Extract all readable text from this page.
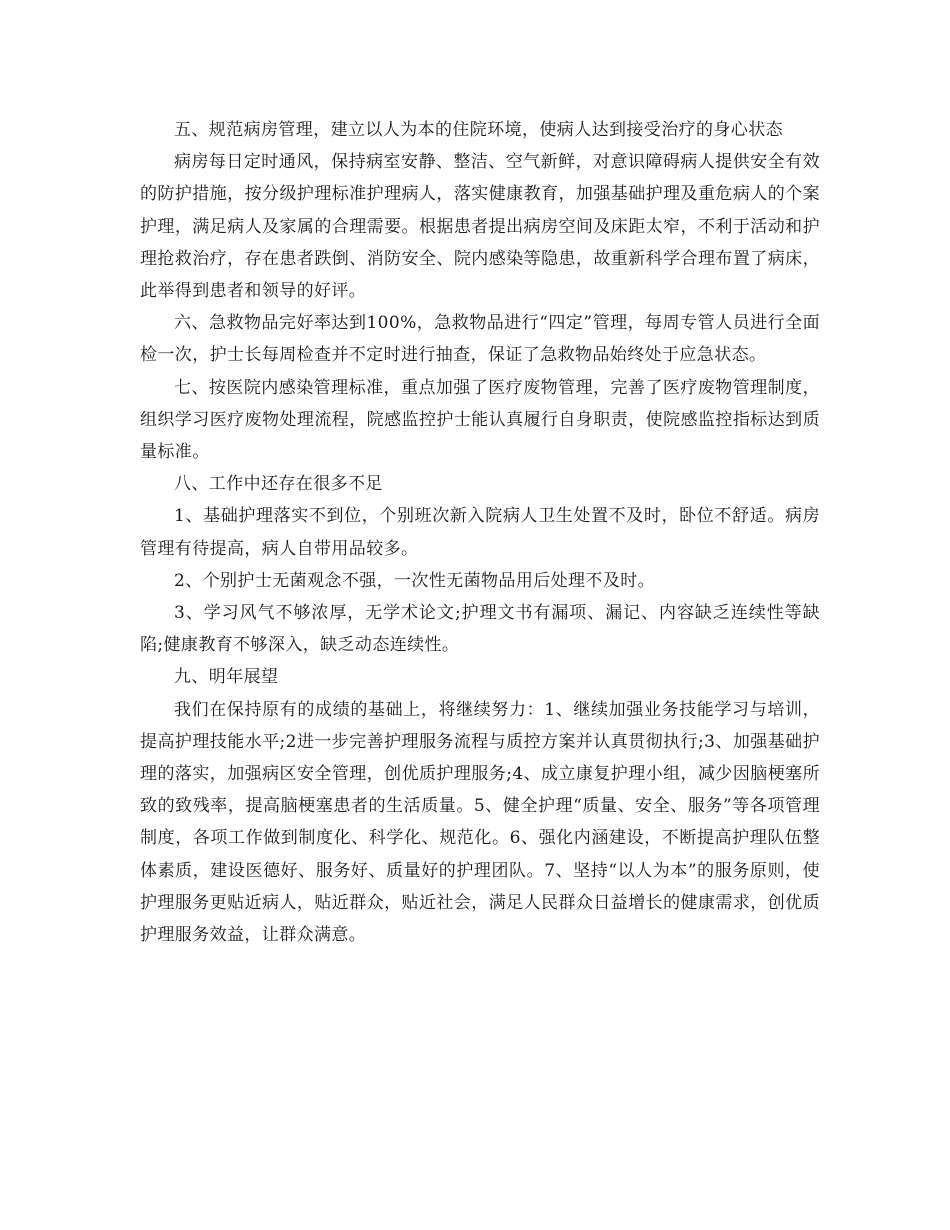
五、规范病房管理，建立以人为本的住院环境，使病人达到接受治疗的身心状态

病房每日定时通风，保持病室安静、整洁、空气新鲜，对意识障碍病人提供安全有效的防护措施，按分级护理标准护理病人，落实健康教育，加强基础护理及重危病人的个案护理，满足病人及家属的合理需要。根据患者提出病房空间及床距太窄，不利于活动和护理抢救治疗，存在患者跌倒、消防安全、院内感染等隐患，故重新科学合理布置了病床，此举得到患者和领导的好评。

六、急救物品完好率达到100%，急救物品进行“四定”管理，每周专管人员进行全面检一次，护士长每周检查并不定时进行抽查，保证了急救物品始终处于应急状态。

七、按医院内感染管理标准，重点加强了医疗废物管理，完善了医疗废物管理制度，组织学习医疗废物处理流程，院感监控护士能认真履行自身职责，使院感监控指标达到质量标准。

八、工作中还存在很多不足

1、基础护理落实不到位，个别班次新入院病人卫生处置不及时，卧位不舒适。病房管理有待提高，病人自带用品较多。

2、个别护士无菌观念不强，一次性无菌物品用后处理不及时。

3、学习风气不够浓厚，无学术论文;护理文书有漏项、漏记、内容缺乏连续性等缺陷;健康教育不够深入，缺乏动态连续性。

九、明年展望

我们在保持原有的成绩的基础上，将继续努力：1、继续加强业务技能学习与培训，提高护理技能水平;2进一步完善护理服务流程与质控方案并认真贯彻执行;3、加强基础护理的落实，加强病区安全管理，创优质护理服务;4、成立康复护理小组，减少因脑梗塞所致的致残率，提高脑梗塞患者的生活质量。5、健全护理“质量、安全、服务”等各项管理制度，各项工作做到制度化、科学化、规范化。6、强化内涵建设，不断提高护理队伍整体素质，建设医德好、服务好、质量好的护理团队。7、坚持“以人为本”的服务原则，使护理服务更贴近病人，贴近群众，贴近社会，满足人民群众日益增长的健康需求，创优质护理服务效益，让群众满意。
